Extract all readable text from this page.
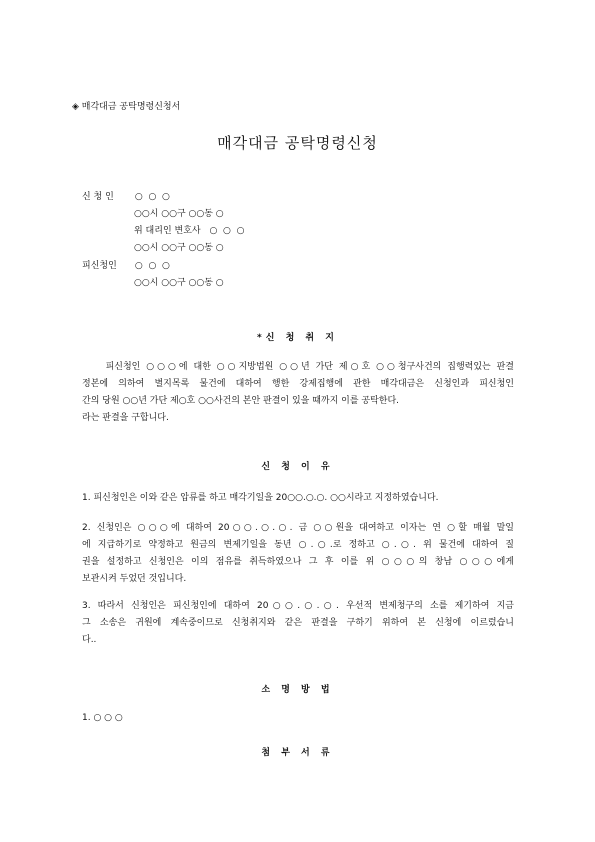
◈ 매각대금 공탁명령신청서
매각대금 공탁명령신청
신 청 인 ○  ○  ○
○○시 ○○구 ○○동 ○
위 대리인 변호사 ○  ○  ○
○○시 ○○구 ○○동 ○
피신청인 ○  ○  ○
○○시 ○○구 ○○동 ○
*신 청 취 지
피신청인 ○○○에 대한 ○○지방법원 ○○년 가단 제○호 ○○청구사건의 집행력있는 판결
정본에 의하여 별지목록 물건에 대하여 행한 강제집행에 관한 매각대금은 신청인과 피신청인
간의 당원 ○○년 가단 제○호 ○○사건의 본안 판결이 있을 때까지 이를 공탁한다.
라는 판결을 구합니다.
신 청 이 유
1. 피신청인은 이와 같은 압류를 하고 매각기일을 20○○.○.○. ○○시라고 지정하였습니다.
2. 신청인은 ○○○에 대하여 20○○.○.○. 금 ○○원을 대여하고 이자는 연 ○할 매월 말일
에 지급하기로 약정하고 원금의 변제기일을 동년 ○.○.로 정하고 ○.○. 위 물건에 대하여 질
권을 설정하고 신청인은 이의 점유를 취득하였으나 그 후 이를 위 ○○○의 창남 ○○○에게
보관시켜 두었던 것입니다.
3. 따라서 신청인은 피신청인에 대하여 20○○.○.○. 우선적 변제청구의 소를 제기하여 지금
그 소송은 귀원에 계속중이므로 신청취지와 같은 판결을 구하기 위하여 본 신청에 이르렀습니
다..
소 명 방 법
1. ○ ○ ○
첨 부 서 류
